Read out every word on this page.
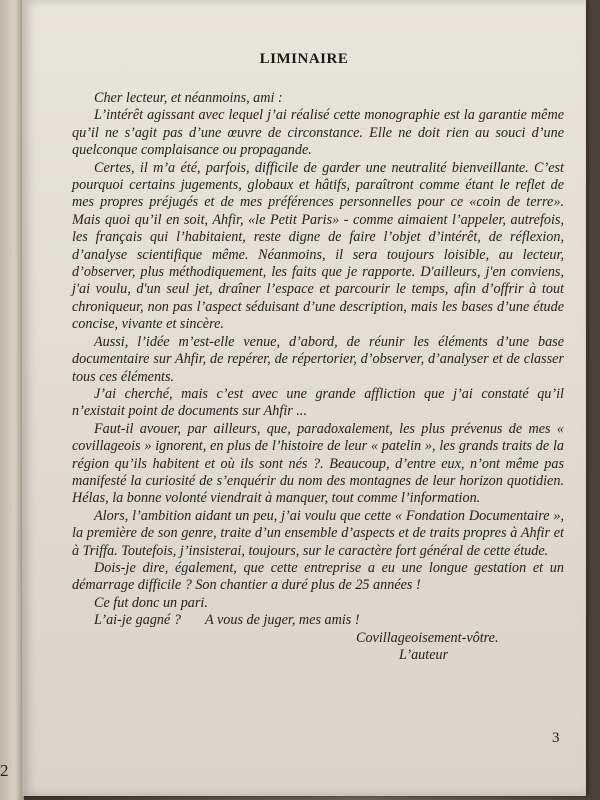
2
LIMINAIRE

Cher lecteur, et néanmoins, ami :

L’intérêt agissant avec lequel j’ai réalisé cette monographie est la garantie même qu’il ne s’agit pas d’une œuvre de circonstance. Elle ne doit rien au souci d’une quelconque complaisance ou propagande.

Certes, il m’a été, parfois, difficile de garder une neutralité bienveillante. C’est pourquoi certains jugements, globaux et hâtifs, paraîtront comme étant le reflet de mes propres préjugés et de mes préférences personnelles pour ce «coin de terre». Mais quoi qu’il en soit, Ahfir, «le Petit Paris» - comme aimaient l’appeler, autrefois, les français qui l’habitaient, reste digne de faire l’objet d’intérêt, de réflexion, d’analyse scientifique même. Néanmoins, il sera toujours loisible, au lecteur, d’observer, plus méthodiquement, les faits que je rapporte. D'ailleurs, j'en conviens, j'ai voulu, d'un seul jet, draîner l’espace et parcourir le temps, afin d’offrir à tout chroniqueur, non pas l’aspect séduisant d’une description, mais les bases d’une étude concise, vivante et sincère.

Aussi, l’idée m’est-elle venue, d’abord, de réunir les éléments d’une base documentaire sur Ahfir, de repérer, de répertorier, d’observer, d’analyser et de classer tous ces éléments.

J’ai cherché, mais c’est avec une grande affliction que j’ai constaté qu’il n’existait point de documents sur Ahfir ...

Faut-il avouer, par ailleurs, que, paradoxalement, les plus prévenus de mes « covillageois » ignorent, en plus de l’histoire de leur « patelin », les grands traits de la région qu’ils habitent et où ils sont nés ?. Beaucoup, d’entre eux, n’ont même pas manifesté la curiosité de s’enquérir du nom des montagnes de leur horizon quotidien. Hélas, la bonne volonté viendrait à manquer, tout comme l’information.

Alors, l’ambition aidant un peu, j’ai voulu que cette « Fondation Documentaire », la première de son genre, traite d’un ensemble d’aspects et de traits propres à Ahfir et à Triffa. Toutefois, j’insisterai, toujours, sur le caractère fort général de cette étude.

Dois-je dire, également, que cette entreprise a eu une longue gestation et un démarrage difficile ? Son chantier a duré plus de 25 années !

Ce fut donc un pari.

L’ai-je gagné ? A vous de juger, mes amis !
Covillageoisement-vôtre.
L’auteur
3
